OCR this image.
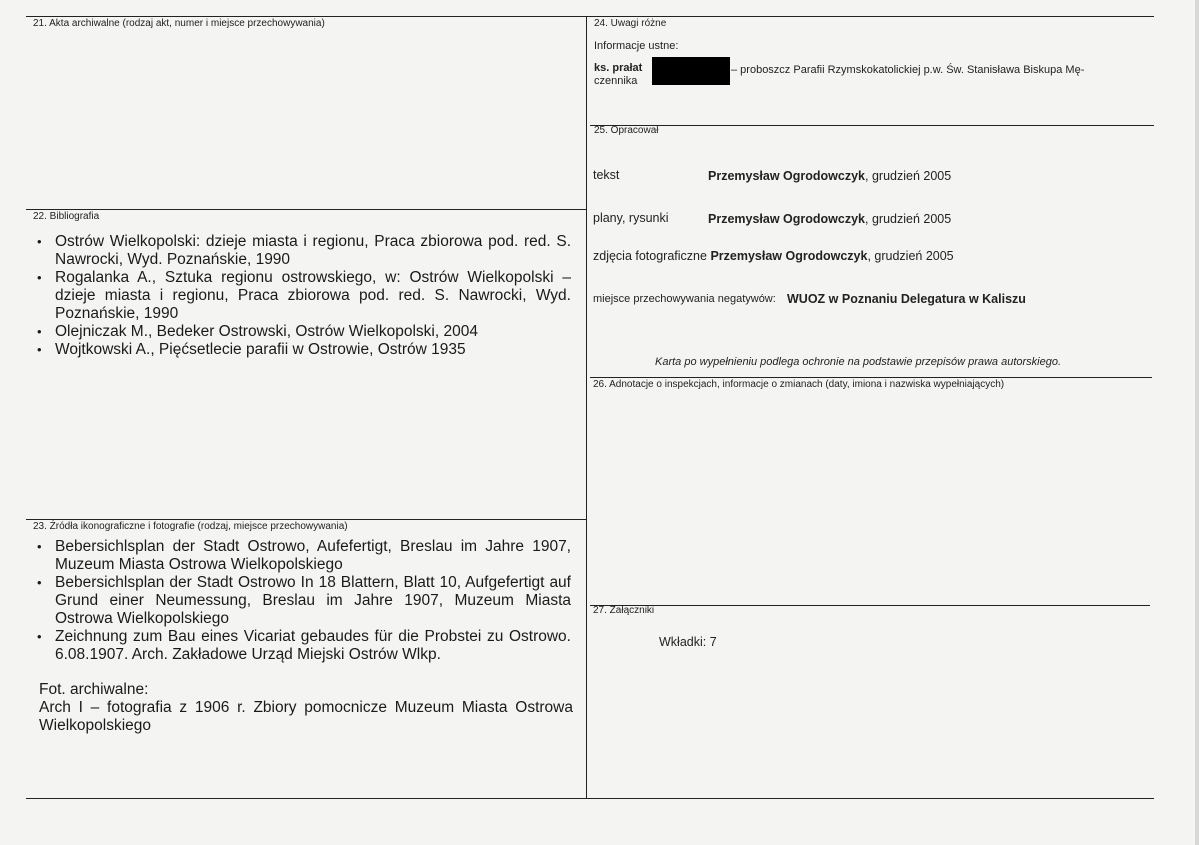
21. Akta archiwalne (rodzaj akt, numer i miejsce przechowywania)
22. Bibliografia
• Ostrów Wielkopolski: dzieje miasta i regionu, Praca zbiorowa pod. red. S. Nawrocki, Wyd. Poznańskie, 1990
• Rogalanka A., Sztuka regionu ostrowskiego, w: Ostrów Wielkopolski – dzieje miasta i regionu, Praca zbiorowa pod. red. S. Nawrocki, Wyd. Poznańskie, 1990
• Olejniczak M., Bedeker Ostrowski, Ostrów Wielkopolski, 2004
• Wojtkowski A., Pięćsetlecie parafii w Ostrowie, Ostrów 1935
23. Źródła ikonograficzne i fotografie (rodzaj, miejsce przechowywania)
• Bebersichlsplan der Stadt Ostrowo, Aufefertigt, Breslau im Jahre 1907, Muzeum Miasta Ostrowa Wielkopolskiego
• Bebersichlsplan der Stadt Ostrowo In 18 Blattern, Blatt 10, Aufgefertigt auf Grund einer Neumessung, Breslau im Jahre 1907, Muzeum Miasta Ostrowa Wielkopolskiego
• Zeichnung zum Bau eines Vicariat gebaudes für die Probstei zu Ostrowo. 6.08.1907. Arch. Zakładowe Urząd Miejski Ostrów Wlkp.
Fot. archiwalne:
Arch I – fotografia z 1906 r. Zbiory pomocnicze Muzeum Miasta Ostrowa Wielkopolskiego
24. Uwagi różne
Informacje ustne:
ks. prałat	– proboszcz Parafii Rzymskokatolickiej p.w. Św. Stanisława Biskupa Mę-
czennika
25. Opracował
tekst	Przemysław Ogrodowczyk, grudzień 2005
plany, rysunki	Przemysław Ogrodowczyk, grudzień 2005
zdjęcia fotograficzne Przemysław Ogrodowczyk, grudzień 2005
miejsce przechowywania negatywów: WUOZ w Poznaniu Delegatura w Kaliszu
Karta po wypełnieniu podlega ochronie na podstawie przepisów prawa autorskiego.
26. Adnotacje o inspekcjach, informacje o zmianach (daty, imiona i nazwiska wypełniających)
27. Załączniki
Wkładki: 7
